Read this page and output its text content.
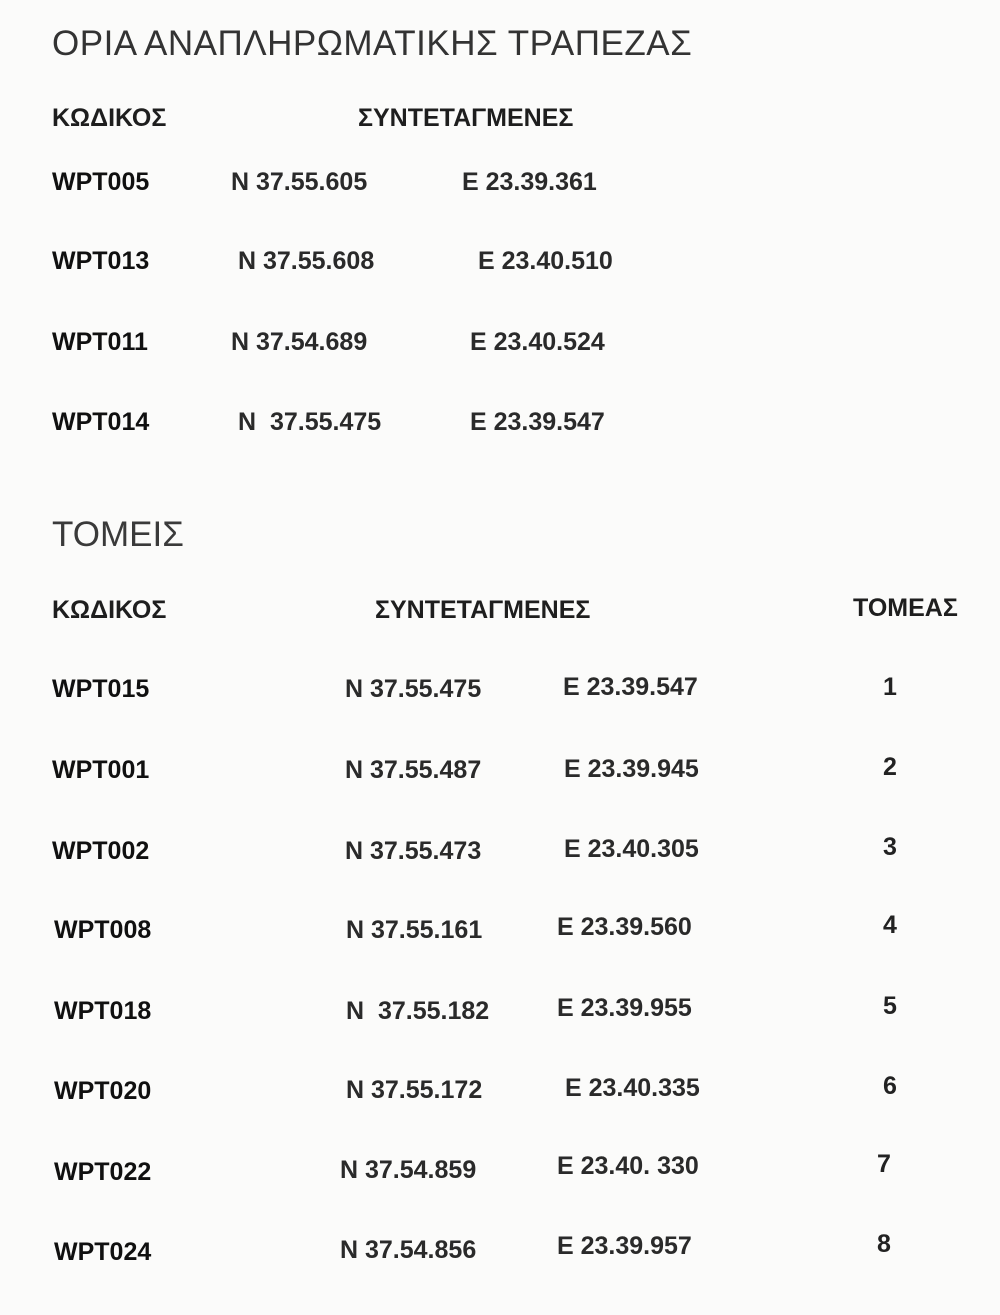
ΟΡΙΑ ΑΝΑΠΛΗΡΩΜΑΤΙΚΗΣ ΤΡΑΠΕΖΑΣ
ΚΩΔΙΚΟΣ	ΣΥΝΤΕΤΑΓΜΕΝΕΣ
WPT005	N 37.55.605	E 23.39.361
WPT013	N 37.55.608	E 23.40.510
WPT011	N 37.54.689	E 23.40.524
WPT014	N  37.55.475	E 23.39.547
ΤΟΜΕΙΣ
ΚΩΔΙΚΟΣ	ΣΥΝΤΕΤΑΓΜΕΝΕΣ	ΤΟΜΕΑΣ
WPT015	N 37.55.475	E 23.39.547	1
WPT001	N 37.55.487	E 23.39.945	2
WPT002	N 37.55.473	E 23.40.305	3
WPT008	N 37.55.161	E 23.39.560	4
WPT018	N  37.55.182	E 23.39.955	5
WPT020	N 37.55.172	E 23.40.335	6
WPT022	N 37.54.859	E 23.40. 330	7
WPT024	N 37.54.856	E 23.39.957	8
